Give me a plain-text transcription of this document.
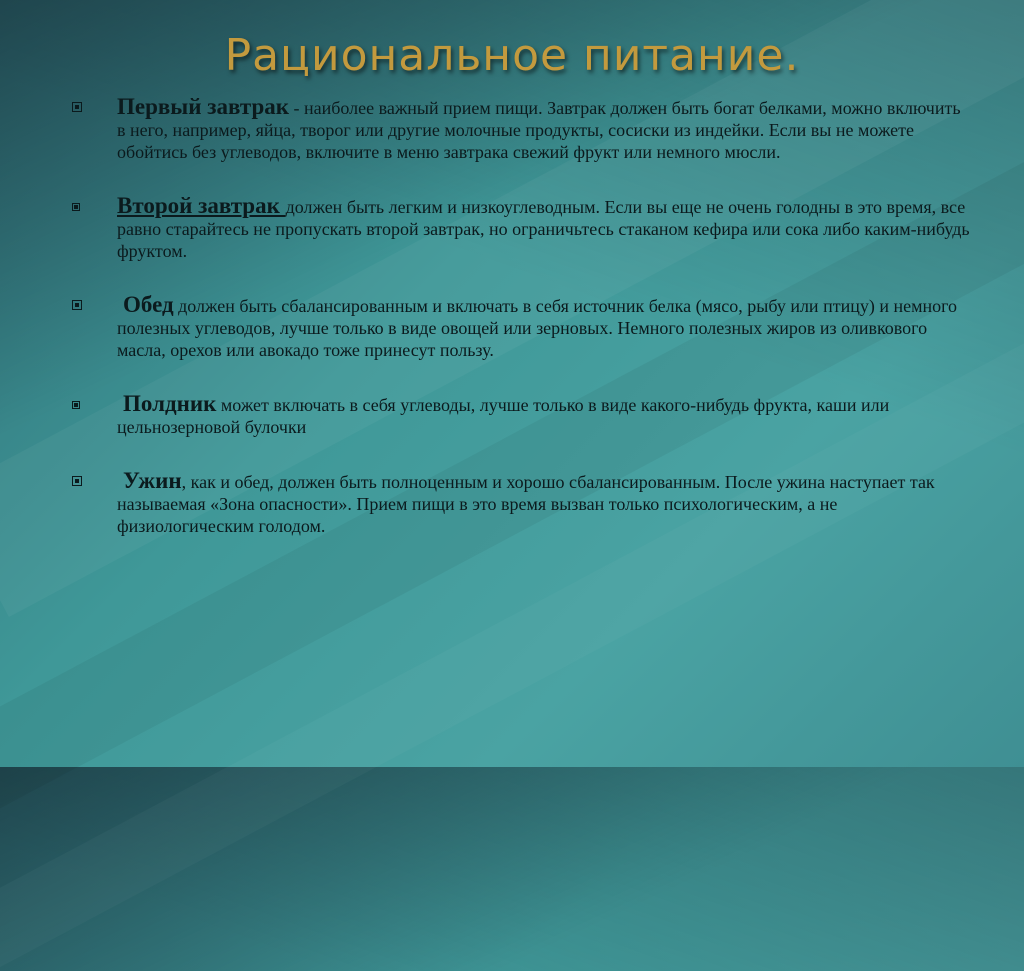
Рациональное питание.
Первый завтрак - наиболее важный прием пищи. Завтрак должен быть богат белками, можно включить в него, например, яйца, творог или другие молочные продукты, сосиски из индейки. Если вы не можете обойтись без углеводов, включите в меню завтрака свежий фрукт или немного мюсли.
Второй завтрак должен быть легким и низкоуглеводным. Если вы еще не очень голодны в это время, все равно старайтесь не пропускать второй завтрак, но ограничьтесь стаканом кефира или сока либо каким-нибудь фруктом.
Обед должен быть сбалансированным и включать в себя источник белка (мясо, рыбу или птицу) и немного полезных углеводов, лучше только в виде овощей или зерновых. Немного полезных жиров из оливкового масла, орехов или авокадо тоже принесут пользу.
Полдник может включать в себя углеводы, лучше только в виде какого-нибудь фрукта, каши или цельнозерновой булочки
Ужин, как и обед, должен быть полноценным и хорошо сбалансированным. После ужина наступает так называемая «Зона опасности». Прием пищи в это время вызван только психологическим, а не физиологическим голодом.
